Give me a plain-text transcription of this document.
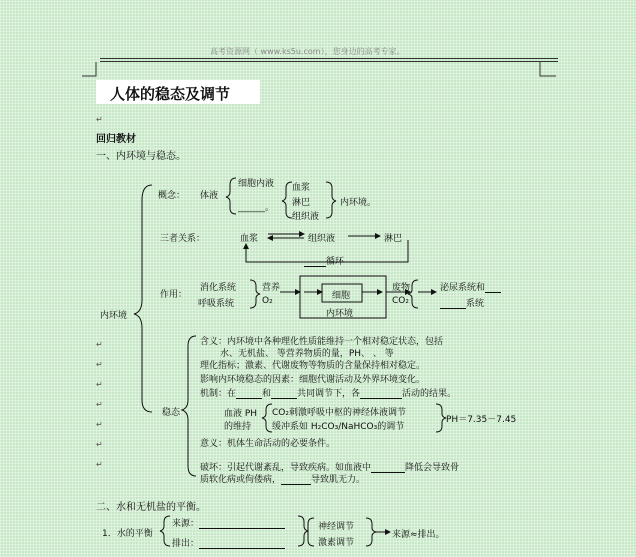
高考资源网（ www.ks5u.com），您身边的高考专家。
人体的稳态及调节
回归教材
一、内环境与稳态。
↵
↵
↵
↵
↵
↵
↵
↵
内环境
概念： 体液
细胞内液
______。
血浆
淋巴
组织液
内环境。
三者关系：	血浆	组织液	淋巴
循环
作用：
消化系统
呼吸系统
营养
O₂	细胞
内环境
废物
CO₂
泌尿系统和
系统
稳态
含义：内环境中各种理化性质能维持一个相对稳定状态，包括
水、无机盐、 等营养物质的量，PH、 、 等
理化指标；激素、代谢废物等物质的含量保持相对稳定。
影响内环境稳态的因素：细胞代谢活动及外界环境变化。
机制：在	和	共同调节下，各	活动的结果。
血液 PH
的维持
CO₂刺激呼吸中枢的神经体液调节
缓冲系如 H₂CO₃/NaHCO₃的调节
PH＝7.35－7.45
意义：机体生命活动的必要条件。
破坏：引起代谢紊乱，导致疾病。如血液中	降低会导致骨
质软化病或佝偻病，	导致肌无力。
二、水和无机盐的平衡。
1．水的平衡
来源：
排出：
神经调节
激素调节
来源≈排出。
